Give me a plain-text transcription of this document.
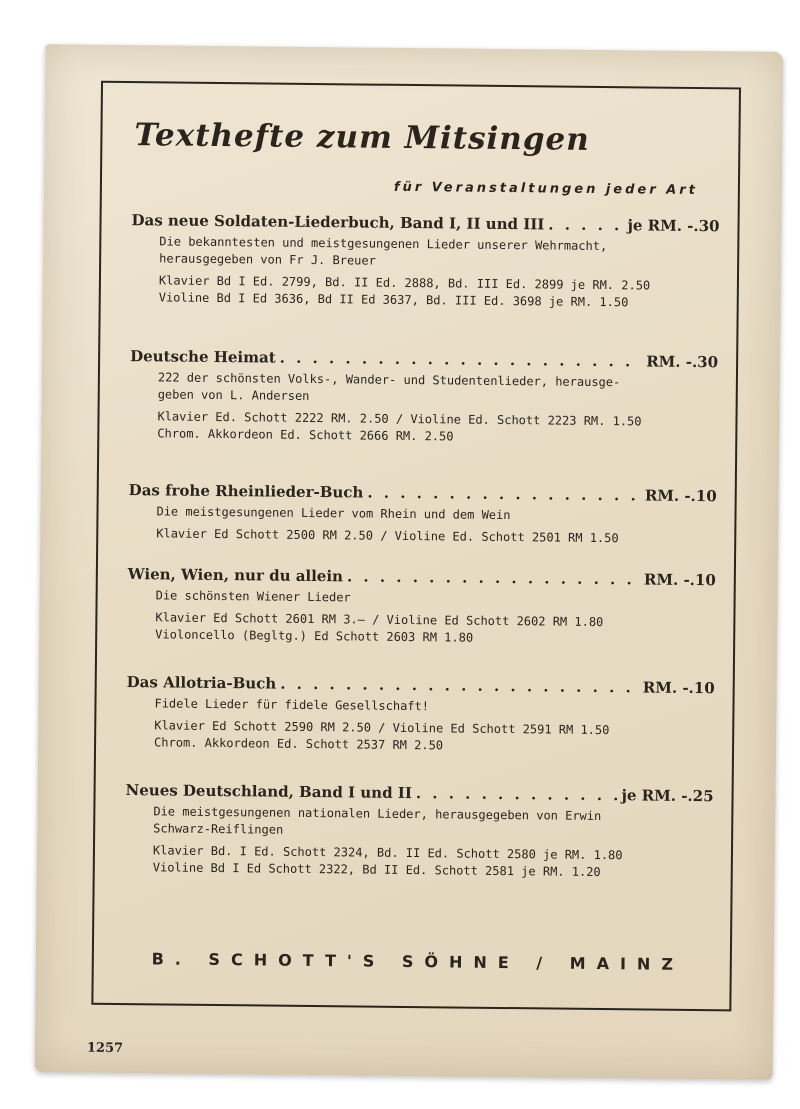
Texthefte zum Mitsingen
für Veranstaltungen jeder Art
Das neue Soldaten-Liederbuch, Band I, II und III . . .	je RM. -.30
Die bekanntesten und meistgesungenen Lieder unserer Wehrmacht,
herausgegeben von Fr J. Breuer
Klavier Bd I Ed. 2799, Bd. II Ed. 2888, Bd. III Ed. 2899 je RM. 2.50
Violine Bd I Ed 3636, Bd II Ed 3637, Bd. III Ed. 3698 je RM. 1.50
Deutsche Heimat . . .	RM. -.30
222 der schönsten Volks-, Wander- und Studentenlieder, herausge-
geben von L. Andersen
Klavier Ed. Schott 2222 RM. 2.50 / Violine Ed. Schott 2223 RM. 1.50
Chrom. Akkordeon Ed. Schott 2666 RM. 2.50
Das frohe Rheinlieder-Buch . . .	RM. -.10
Die meistgesungenen Lieder vom Rhein und dem Wein
Klavier Ed Schott 2500 RM 2.50 / Violine Ed. Schott 2501 RM 1.50
Wien, Wien, nur du allein . . .	RM. -.10
Die schönsten Wiener Lieder
Klavier Ed Schott 2601 RM 3.— / Violine Ed Schott 2602 RM 1.80
Violoncello (Begltg.) Ed Schott 2603 RM 1.80
Das Allotria-Buch . . .	RM. -.10
Fidele Lieder für fidele Gesellschaft!
Klavier Ed Schott 2590 RM 2.50 / Violine Ed Schott 2591 RM 1.50
Chrom. Akkordeon Ed. Schott 2537 RM 2.50
Neues Deutschland, Band I und II . . .	je RM. -.25
Die meistgesungenen nationalen Lieder, herausgegeben von Erwin
Schwarz-Reiflingen
Klavier Bd. I Ed. Schott 2324, Bd. II Ed. Schott 2580 je RM. 1.80
Violine Bd I Ed Schott 2322, Bd II Ed. Schott 2581 je RM. 1.20
B. SCHOTT'S SÖHNE / MAINZ
1257
